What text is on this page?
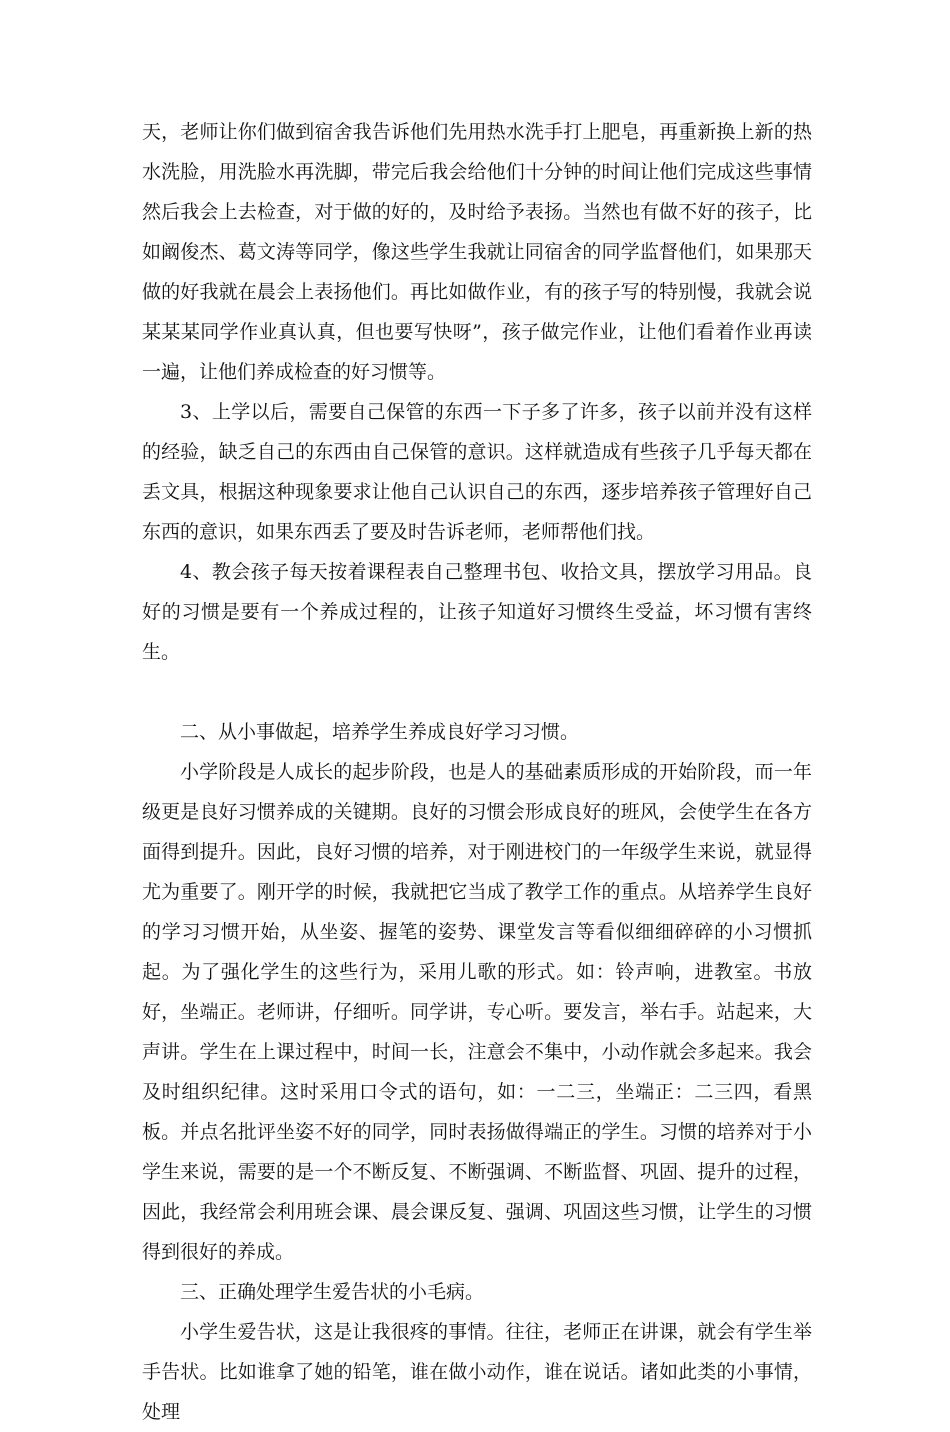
天，老师让你们做到宿舍我告诉他们先用热水洗手打上肥皂，再重新换上新的热水洗脸，用洗脸水再洗脚，带完后我会给他们十分钟的时间让他们完成这些事情然后我会上去检查，对于做的好的，及时给予表扬。当然也有做不好的孩子，比如阚俊杰、葛文涛等同学，像这些学生我就让同宿舍的同学监督他们，如果那天做的好我就在晨会上表扬他们。再比如做作业，有的孩子写的特别慢，我就会说某某某同学作业真认真，但也要写快呀”，孩子做完作业，让他们看着作业再读一遍，让他们养成检查的好习惯等。

3、上学以后，需要自己保管的东西一下子多了许多，孩子以前并没有这样的经验，缺乏自己的东西由自己保管的意识。这样就造成有些孩子几乎每天都在丢文具，根据这种现象要求让他自己认识自己的东西，逐步培养孩子管理好自己东西的意识，如果东西丢了要及时告诉老师，老师帮他们找。

4、教会孩子每天按着课程表自己整理书包、收拾文具，摆放学习用品。良好的习惯是要有一个养成过程的，让孩子知道好习惯终生受益，坏习惯有害终生。

二、从小事做起，培养学生养成良好学习习惯。

小学阶段是人成长的起步阶段，也是人的基础素质形成的开始阶段，而一年级更是良好习惯养成的关键期。良好的习惯会形成良好的班风，会使学生在各方面得到提升。因此，良好习惯的培养，对于刚进校门的一年级学生来说，就显得尤为重要了。刚开学的时候，我就把它当成了教学工作的重点。从培养学生良好的学习习惯开始，从坐姿、握笔的姿势、课堂发言等看似细细碎碎的小习惯抓起。为了强化学生的这些行为，采用儿歌的形式。如：铃声响，进教室。书放好，坐端正。老师讲，仔细听。同学讲，专心听。要发言，举右手。站起来，大声讲。学生在上课过程中，时间一长，注意会不集中，小动作就会多起来。我会及时组织纪律。这时采用口令式的语句，如：一二三，坐端正：二三四，看黑板。并点名批评坐姿不好的同学，同时表扬做得端正的学生。习惯的培养对于小学生来说，需要的是一个不断反复、不断强调、不断监督、巩固、提升的过程，因此，我经常会利用班会课、晨会课反复、强调、巩固这些习惯，让学生的习惯得到很好的养成。

三、正确处理学生爱告状的小毛病。

小学生爱告状，这是让我很疼的事情。往往，老师正在讲课，就会有学生举手告状。比如谁拿了她的铅笔，谁在做小动作，谁在说话。诸如此类的小事情，处理
